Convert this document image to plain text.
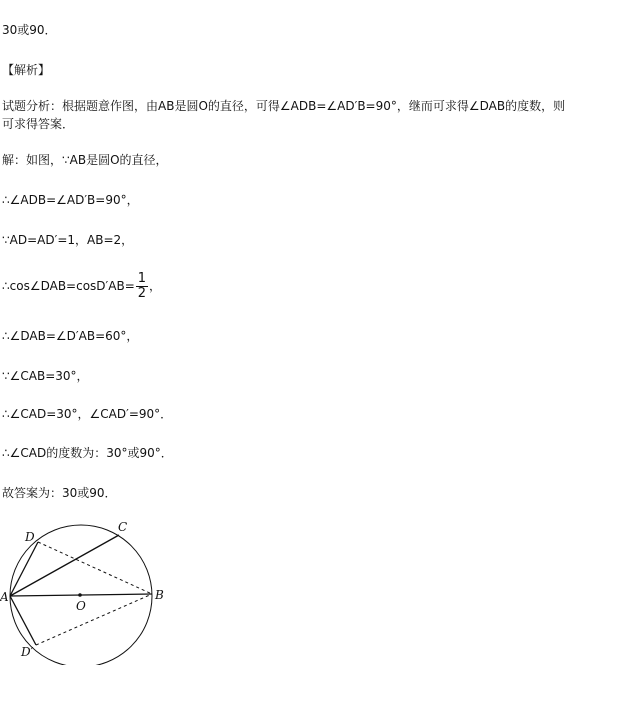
30或90．
【解析】
试题分析：根据题意作图，由AB是圆O的直径，可得∠ADB=∠AD′B=90°，继而可求得∠DAB的度数，则
可求得答案．
解：如图，∵AB是圆O的直径，
∴∠ADB=∠AD′B=90°，
∵AD=AD′=1，AB=2，
∴cos∠DAB=cosD′AB= $\frac{1}{2}$ ，
∴∠DAB=∠D′AB=60°，
∵∠CAB=30°，
∴∠CAD=30°，∠CAD′=90°．
∴∠CAD的度数为：30°或90°．
故答案为：30或90．
A	B
C
D
D′
O
